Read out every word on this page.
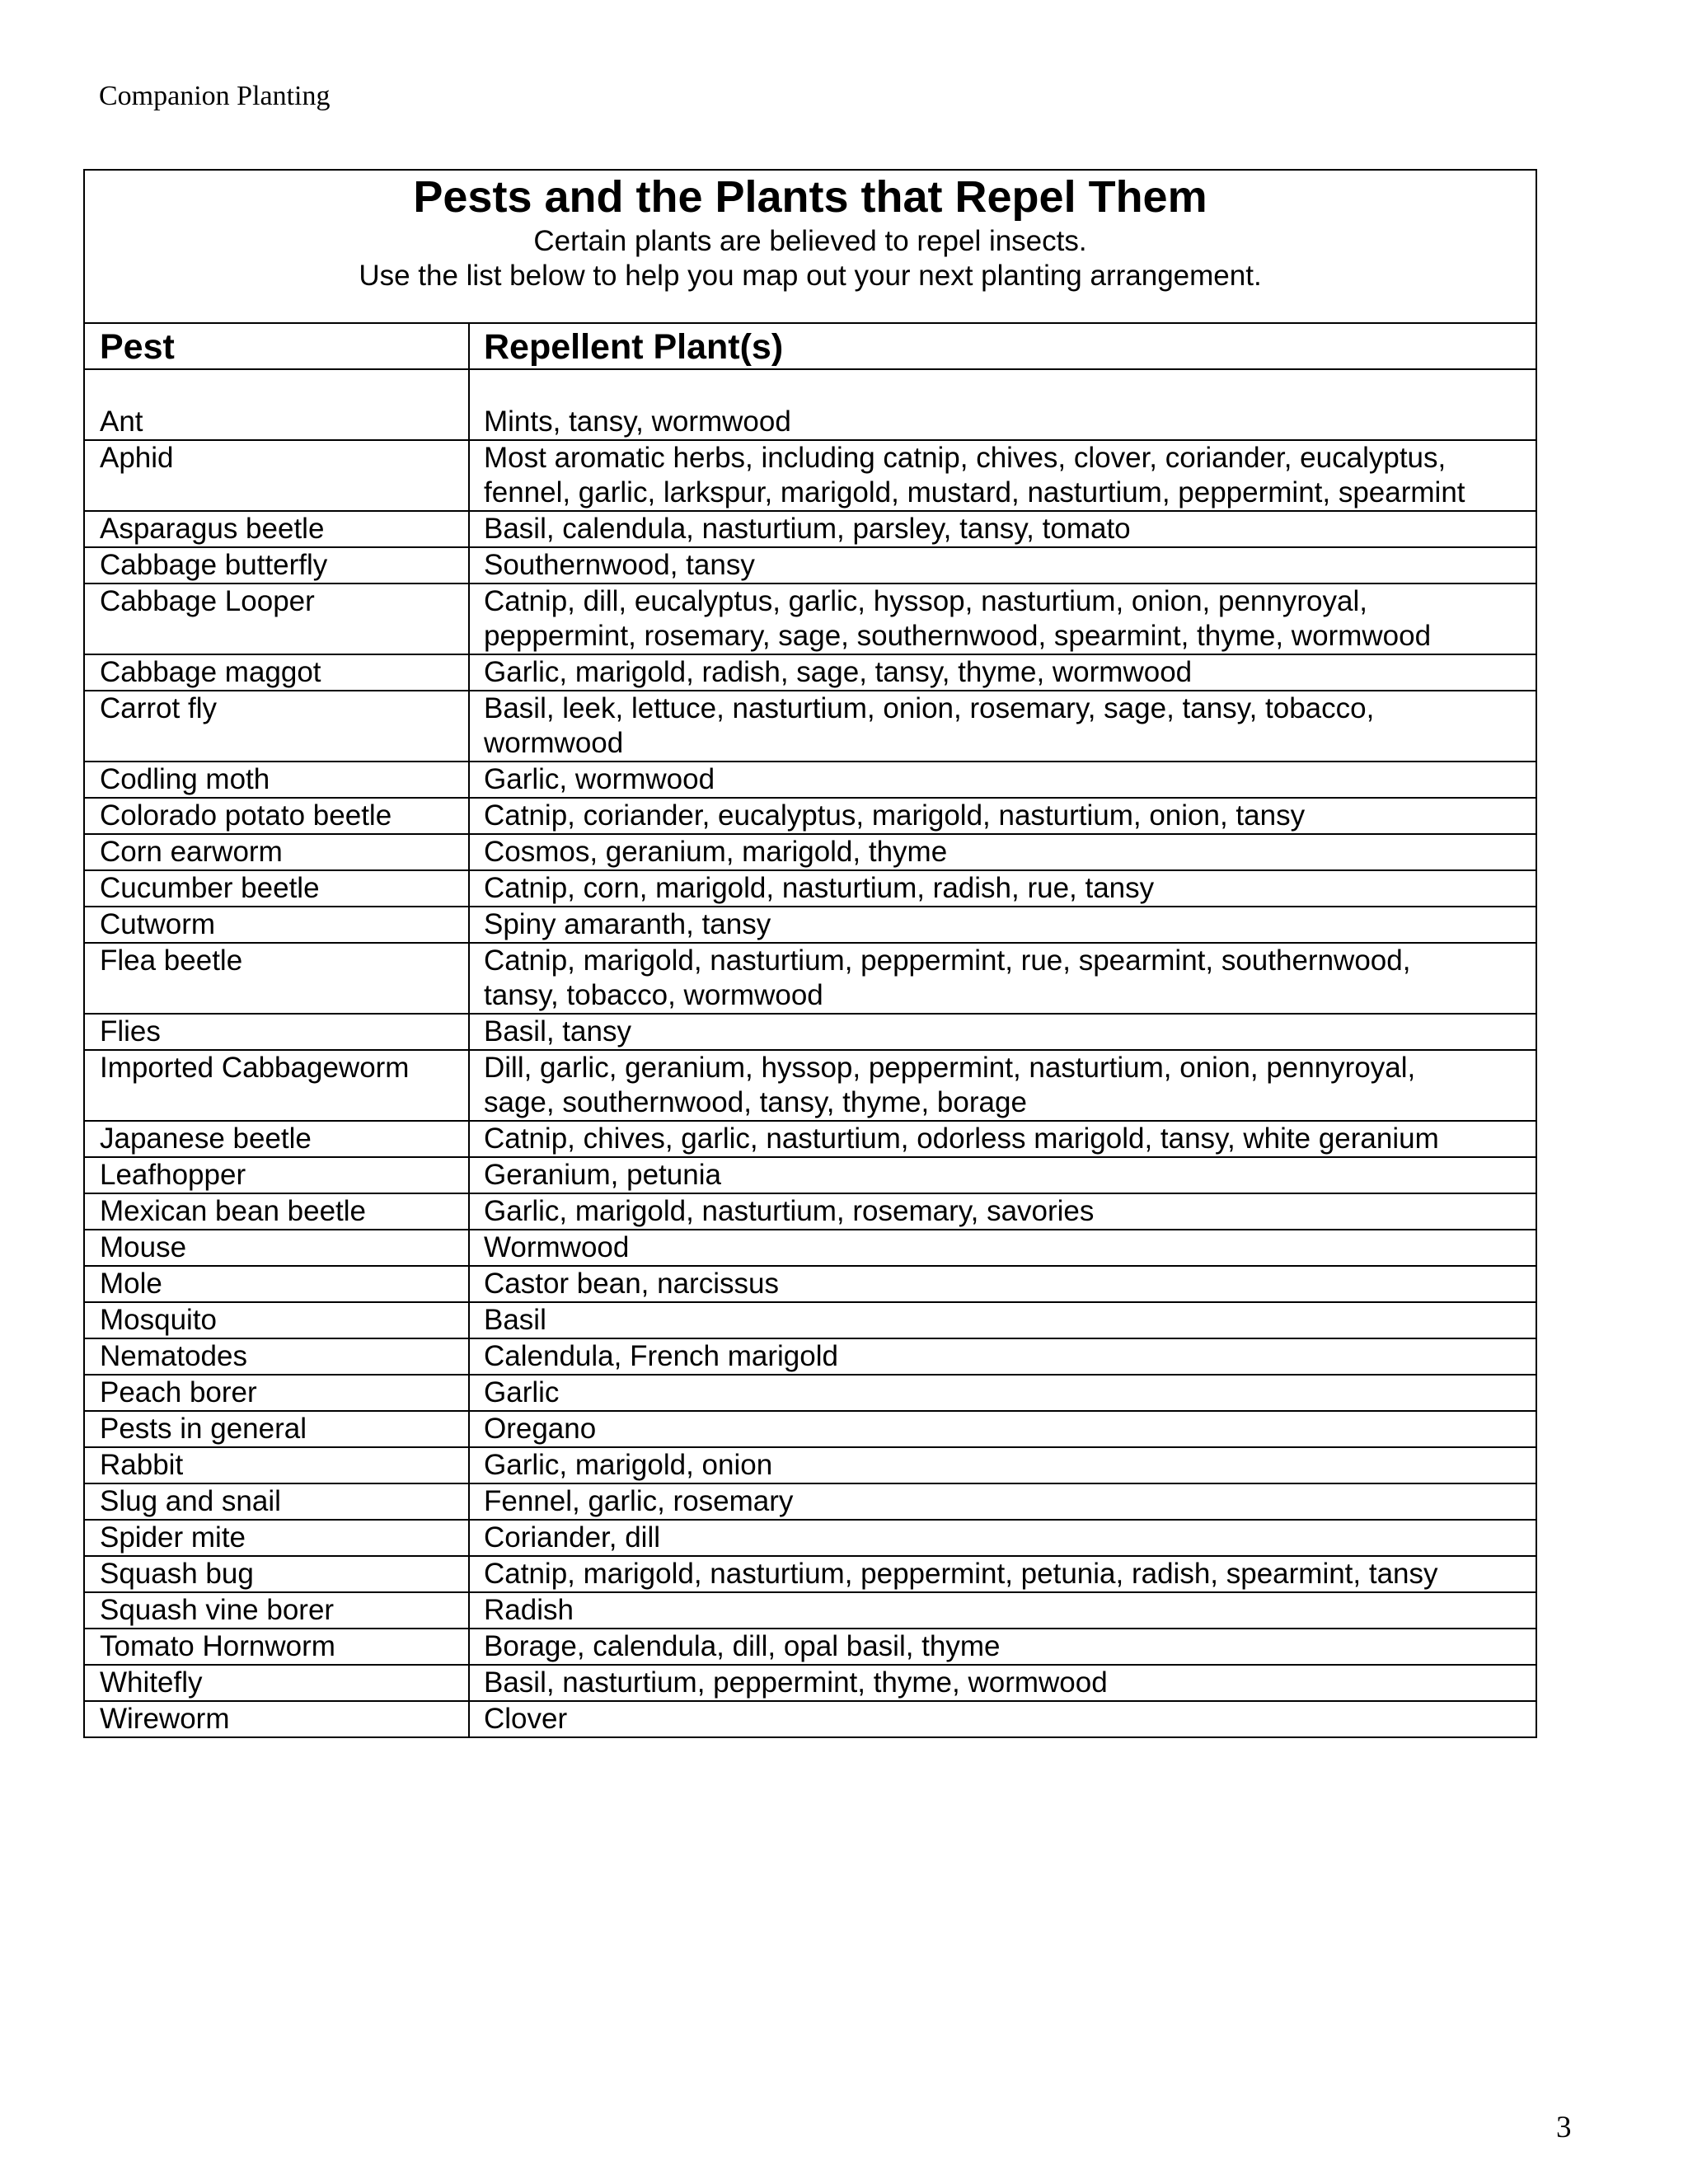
Companion Planting
Pests and the Plants that Repel Them
Certain plants are believed to repel insects.
Use the list below to help you map out your next planting arrangement.
Pest	Repellent Plant(s)
Ant	Mints, tansy, wormwood
Aphid	Most aromatic herbs, including catnip, chives, clover, coriander, eucalyptus,
fennel, garlic, larkspur, marigold, mustard, nasturtium, peppermint, spearmint
Asparagus beetle	Basil, calendula, nasturtium, parsley, tansy, tomato
Cabbage butterfly	Southernwood, tansy
Cabbage Looper	Catnip, dill, eucalyptus, garlic, hyssop, nasturtium, onion, pennyroyal,
peppermint, rosemary, sage, southernwood, spearmint, thyme, wormwood
Cabbage maggot	Garlic, marigold, radish, sage, tansy, thyme, wormwood
Carrot fly	Basil, leek, lettuce, nasturtium, onion, rosemary, sage, tansy, tobacco,
wormwood
Codling moth	Garlic, wormwood
Colorado potato beetle	Catnip, coriander, eucalyptus, marigold, nasturtium, onion, tansy
Corn earworm	Cosmos, geranium, marigold, thyme
Cucumber beetle	Catnip, corn, marigold, nasturtium, radish, rue, tansy
Cutworm	Spiny amaranth, tansy
Flea beetle	Catnip, marigold, nasturtium, peppermint, rue, spearmint, southernwood,
tansy, tobacco, wormwood
Flies	Basil, tansy
Imported Cabbageworm	Dill, garlic, geranium, hyssop, peppermint, nasturtium, onion, pennyroyal,
sage, southernwood, tansy, thyme, borage
Japanese beetle	Catnip, chives, garlic, nasturtium, odorless marigold, tansy, white geranium
Leafhopper	Geranium, petunia
Mexican bean beetle	Garlic, marigold, nasturtium, rosemary, savories
Mouse	Wormwood
Mole	Castor bean, narcissus
Mosquito	Basil
Nematodes	Calendula, French marigold
Peach borer	Garlic
Pests in general	Oregano
Rabbit	Garlic, marigold, onion
Slug and snail	Fennel, garlic, rosemary
Spider mite	Coriander, dill
Squash bug	Catnip, marigold, nasturtium, peppermint, petunia, radish, spearmint, tansy
Squash vine borer	Radish
Tomato Hornworm	Borage, calendula, dill, opal basil, thyme
Whitefly	Basil, nasturtium, peppermint, thyme, wormwood
Wireworm	Clover
3
